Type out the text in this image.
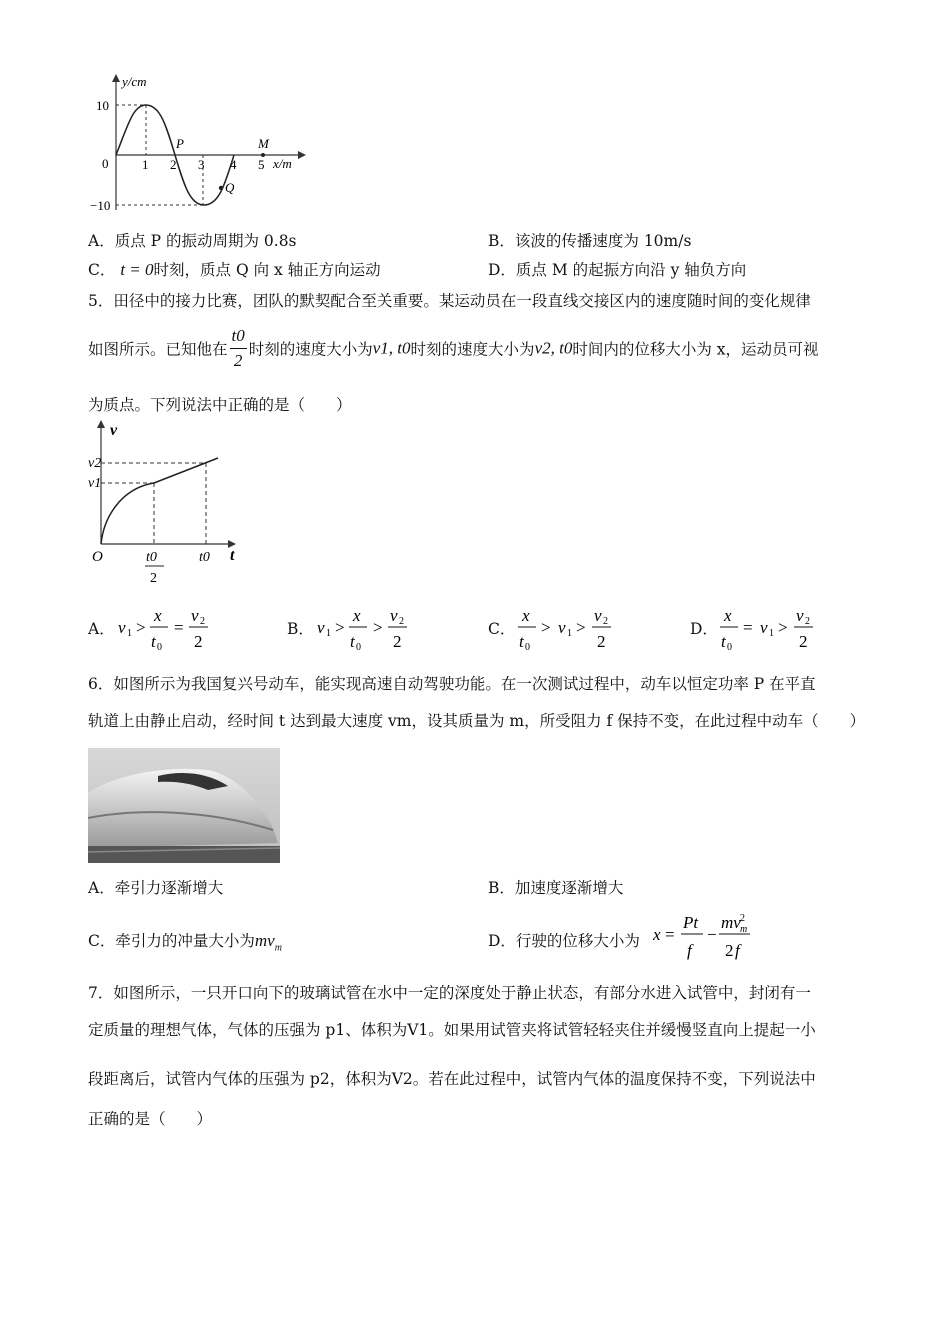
y/cm
x/m
10
0
−10
1 2 3 4 5
P
Q
M
A．质点 P 的振动周期为 0.8s	B．该波的传播速度为 10m/s
C． t = 0时刻，质点 Q 向 x 轴正方向运动	D．质点 M 的起振方向沿 y 轴负方向
5．田径中的接力比赛，团队的默契配合至关重要。某运动员在一段直线交接区内的速度随时间的变化规律
如图所示。已知他在 $\frac{t0}{2}$ 时刻的速度大小为v1, t0时刻的速度大小为v2, t0时间内的位移大小为 x，运动员可视
为质点。下列说法中正确的是（　　）
v
t
O
v2
v1
t0
2
t0
A． v 1 >
x
t 0
=
v 2
2
B． v 1 >
x
t 0
>
v 2
2
C．
x
t 0
> v 1 >
v 2
2
D．
x
t 0
= v 1 >
v 2
2
6．如图所示为我国复兴号动车，能实现高速自动驾驶功能。在一次测试过程中，动车以恒定功率 P 在平直
轨道上由静止启动，经时间 t 达到最大速度 vm，设其质量为 m，所受阻力 f 保持不变，在此过程中动车（　　）
A．牵引力逐渐增大	B．加速度逐渐增大
C．牵引力的冲量大小为$mv_m$	D．行驶的位移大小为 x =
Pt
f
−
mv 2
m
2 f
7．如图所示，一只开口向下的玻璃试管在水中一定的深度处于静止状态，有部分水进入试管中，封闭有一
定质量的理想气体，气体的压强为 p1、体积为V1。如果用试管夹将试管轻轻夹住并缓慢竖直向上提起一小
段距离后，试管内气体的压强为 p2，体积为V2。若在此过程中，试管内气体的温度保持不变，下列说法中
正确的是（　　）
